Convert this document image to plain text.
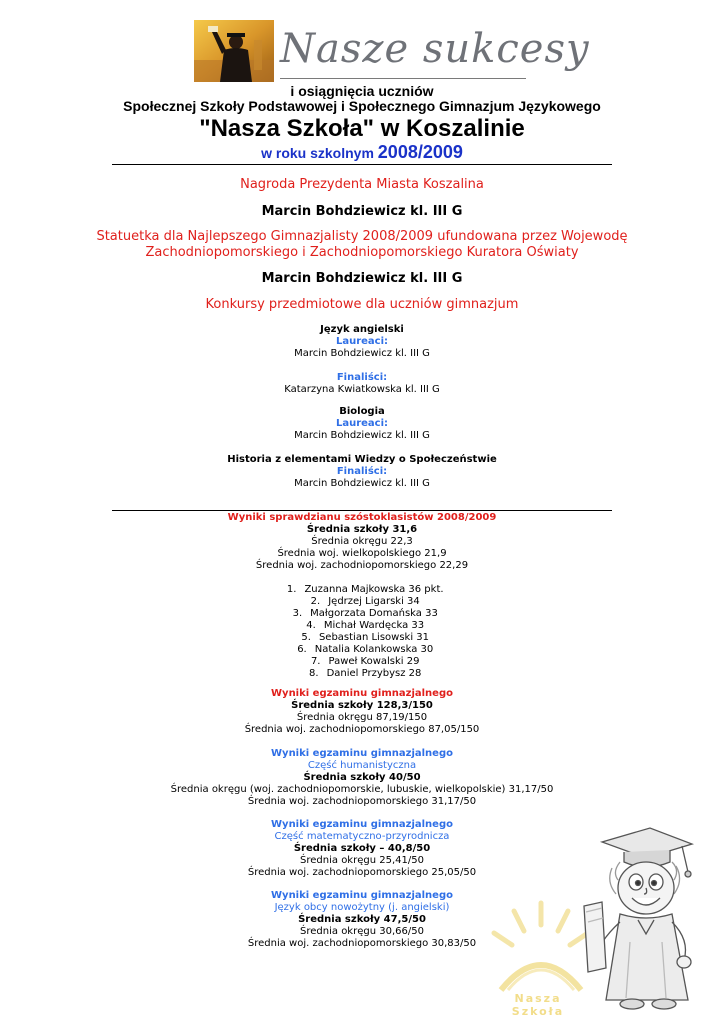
Nasze sukcesy
i osiągnięcia uczniów
Społecznej Szkoły Podstawowej i Społecznego Gimnazjum Językowego
"Nasza Szkoła" w Koszalinie
w roku szkolnym 2008/2009
Nagroda Prezydenta Miasta Koszalina
Marcin Bohdziewicz kl. III G
Statuetka dla Najlepszego Gimnazjalisty 2008/2009 ufundowana przez Wojewodę
Zachodniopomorskiego i Zachodniopomorskiego Kuratora Oświaty
Marcin Bohdziewicz kl. III G
Konkursy przedmiotowe dla uczniów gimnazjum
Język angielski
Laureaci:
Marcin Bohdziewicz kl. III G
Finaliści:
Katarzyna Kwiatkowska kl. III G
Biologia
Laureaci:
Marcin Bohdziewicz kl. III G
Historia z elementami Wiedzy o Społeczeństwie
Finaliści:
Marcin Bohdziewicz kl. III G
Wyniki sprawdzianu szóstoklasistów 2008/2009
Średnia szkoły 31,6
Średnia okręgu 22,3
Średnia woj. wielkopolskiego 21,9
Średnia woj. zachodniopomorskiego 22,29
1. Zuzanna Majkowska 36 pkt.
2. Jędrzej Ligarski 34
3. Małgorzata Domańska 33
4. Michał Wardęcka 33
5. Sebastian Lisowski 31
6. Natalia Kolankowska 30
7. Paweł Kowalski 29
8. Daniel Przybysz 28
Wyniki egzaminu gimnazjalnego
Średnia szkoły 128,3/150
Średnia okręgu 87,19/150
Średnia woj. zachodniopomorskiego 87,05/150
Wyniki egzaminu gimnazjalnego
Część humanistyczna
Średnia szkoły 40/50
Średnia okręgu (woj. zachodniopomorskie, lubuskie, wielkopolskie) 31,17/50
Średnia woj. zachodniopomorskiego 31,17/50
Wyniki egzaminu gimnazjalnego
Część matematyczno-przyrodnicza
Średnia szkoły – 40,8/50
Średnia okręgu 25,41/50
Średnia woj. zachodniopomorskiego 25,05/50
Wyniki egzaminu gimnazjalnego
Język obcy nowożytny (j. angielski)
Średnia szkoły 47,5/50
Średnia okręgu 30,66/50
Średnia woj. zachodniopomorskiego 30,83/50
Nasza Szkoła
